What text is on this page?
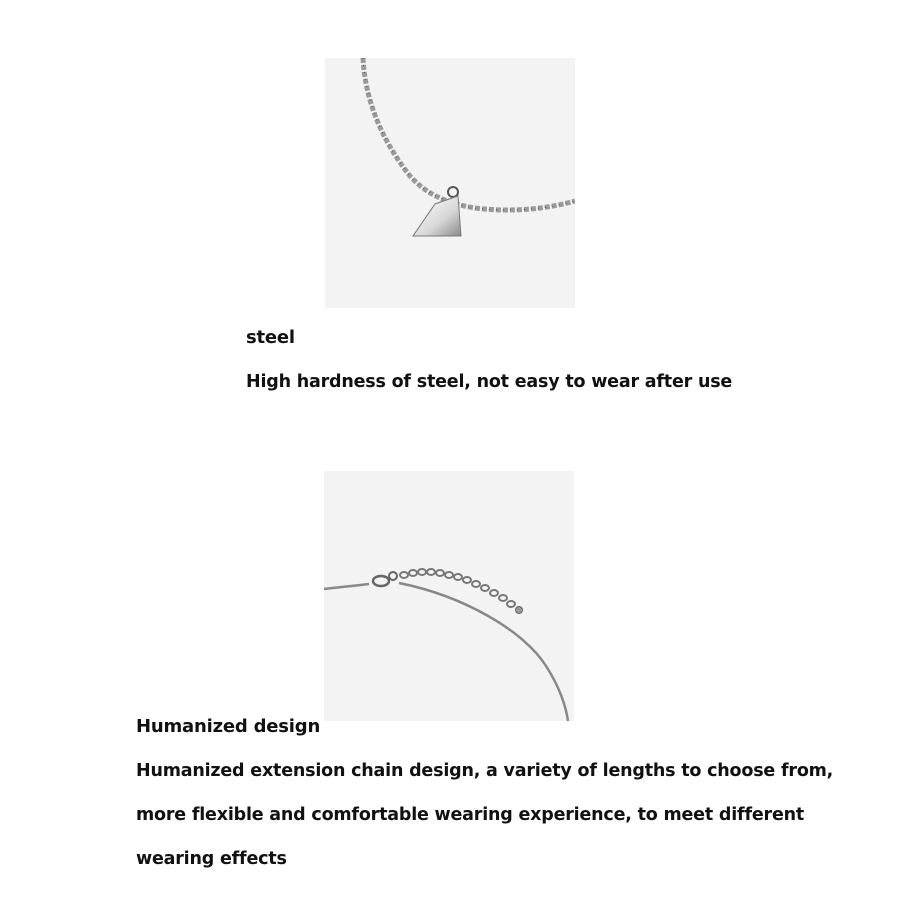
steel
High hardness of steel, not easy to wear after use
Humanized design
Humanized extension chain design, a variety of lengths to choose from,
more flexible and comfortable wearing experience, to meet different
wearing effects
